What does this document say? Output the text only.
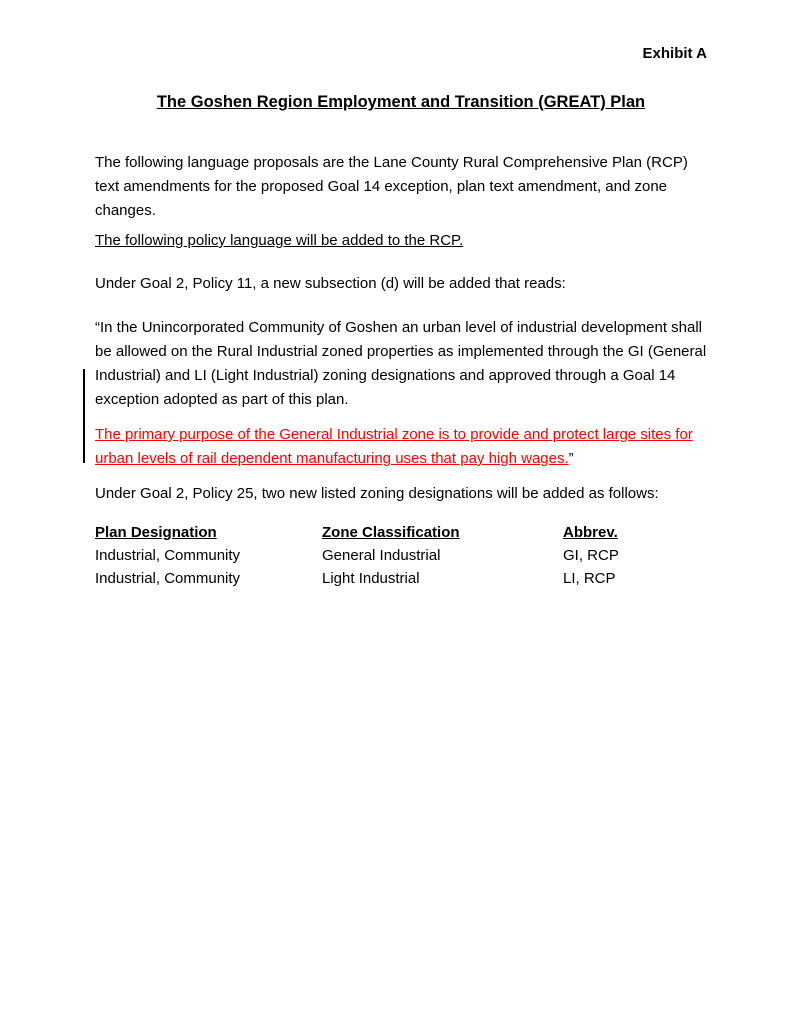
Exhibit A
The Goshen Region Employment and Transition (GREAT) Plan

The following language proposals are the Lane County Rural Comprehensive Plan (RCP) text amendments for the proposed Goal 14 exception, plan text amendment, and zone changes.

The following policy language will be added to the RCP.

Under Goal 2, Policy 11, a new subsection (d) will be added that reads:

“In the Unincorporated Community of Goshen an urban level of industrial development shall be allowed on the Rural Industrial zoned properties as implemented through the GI (General Industrial) and LI (Light Industrial) zoning designations and approved through a Goal 14 exception adopted as part of this plan.

The primary purpose of the General Industrial zone is to provide and protect large sites for urban levels of rail dependent manufacturing uses that pay high wages.”

Under Goal 2, Policy 25, two new listed zoning designations will be added as follows:

Plan Designation	Zone Classification	Abbrev.
Industrial, Community	General Industrial	GI, RCP
Industrial, Community	Light Industrial	LI, RCP
